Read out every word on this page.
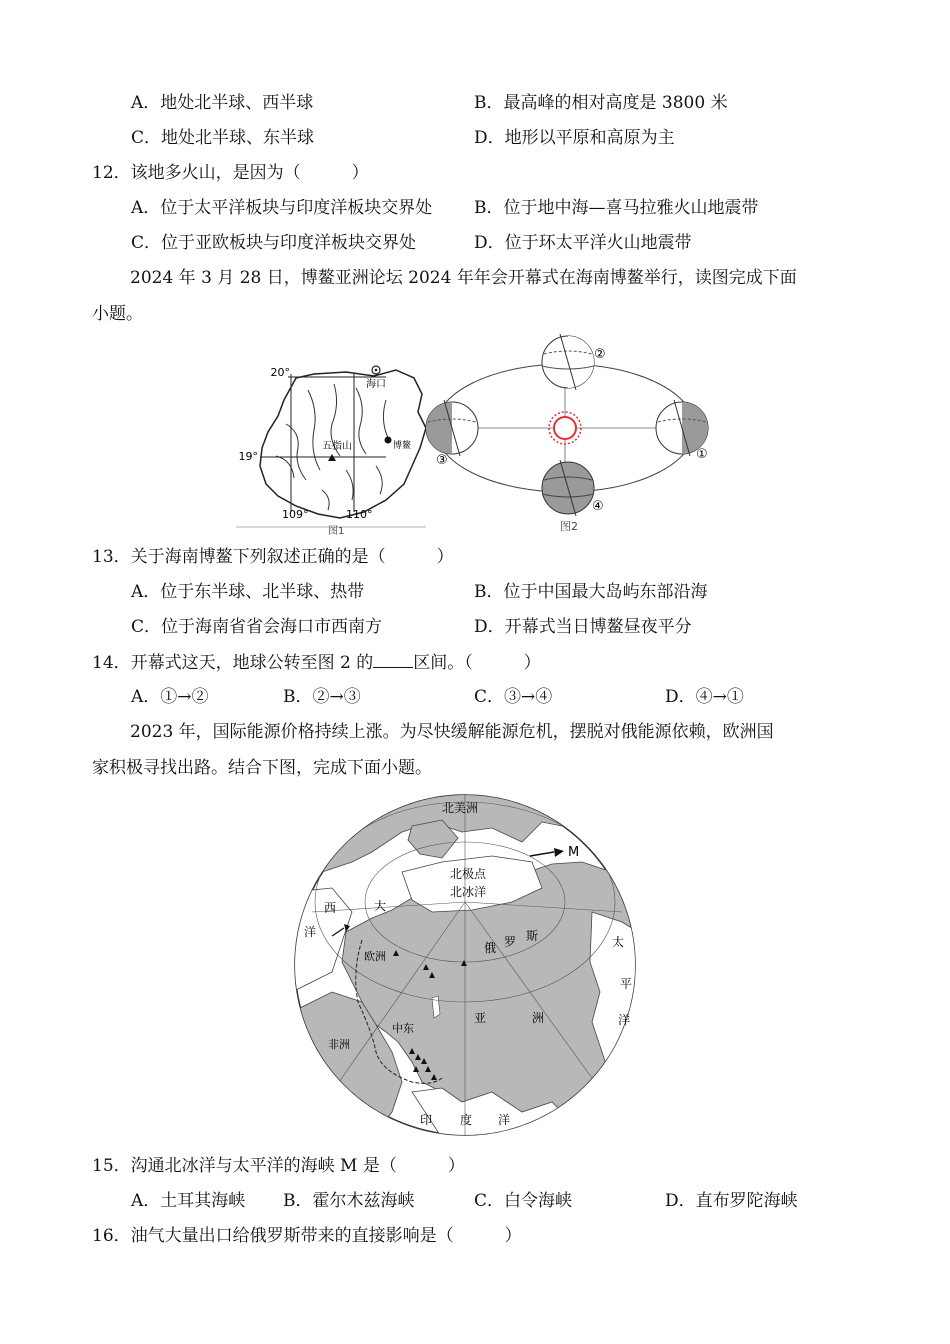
A．地处北半球、西半球	B．最高峰的相对高度是 3800 米
C．地处北半球、东半球	D．地形以平原和高原为主
12．该地多火山，是因为（　　　）
A．位于太平洋板块与印度洋板块交界处 B．位于地中海—喜马拉雅火山地震带
C．位于亚欧板块与印度洋板块交界处	D．位于环太平洋火山地震带
2024 年 3 月 28 日，博鳌亚洲论坛 2024 年年会开幕式在海南博鳌举行，读图完成下面
小题。
20°
19°
109°	110°
海口
五指山	博鳌
图1
②
①
③
④
图2
13．关于海南博鳌下列叙述正确的是（　　　）
A．位于东半球、北半球、热带	B．位于中国最大岛屿东部沿海
C．位于海南省省会海口市西南方	D．开幕式当日博鳌昼夜平分
14．开幕式这天，地球公转至图 2 的 区间。（　　　）
A．①→②	B．②→③	C．③→④	D．④→①
2023 年，国际能源价格持续上涨。为尽快缓解能源危机，摆脱对俄能源依赖，欧洲国
家积极寻找出路。结合下图，完成下面小题。
北美洲
北极点
北冰洋
M
西	大
洋
欧洲
俄 罗 斯	太
平
洋
中东
亚	洲
非洲
印 度 洋
15．沟通北冰洋与太平洋的海峡 M 是（　　　）
A．土耳其海峡 B．霍尔木兹海峡	C．白令海峡	D．直布罗陀海峡
16．油气大量出口给俄罗斯带来的直接影响是（　　　）
